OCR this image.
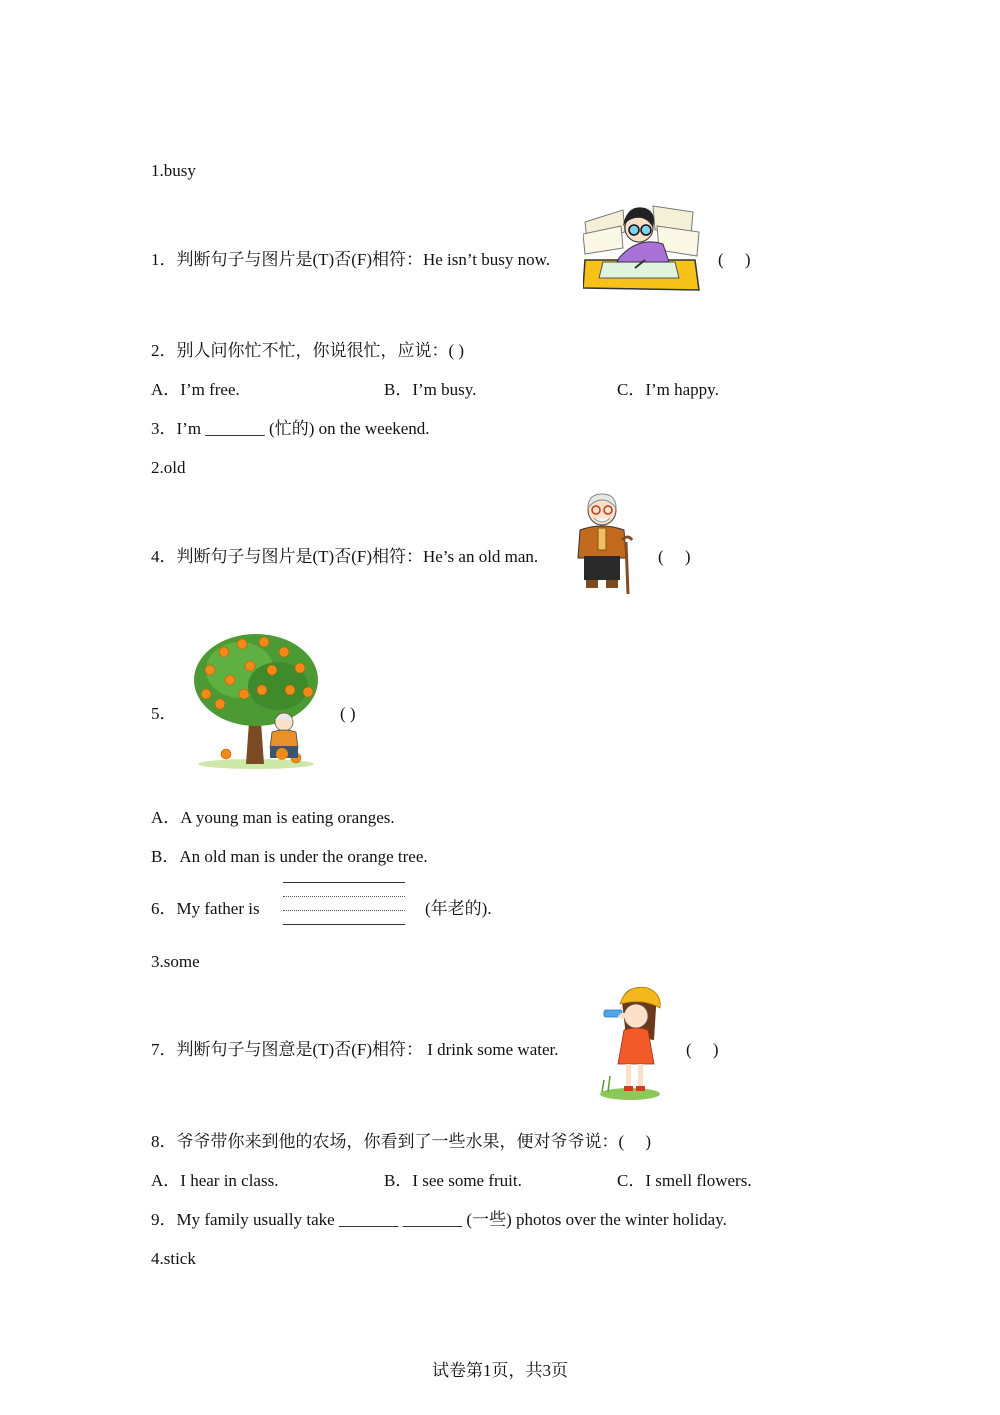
1.busy
1．判断句子与图片是(T)否(F)相符：He isn’t busy now.	(　 )
2．别人问你忙不忙，你说很忙，应说：( )
A．I’m free.	B．I’m busy.	C．I’m happy.
3．I’m _______ (忙的) on the weekend.
2.old
4．判断句子与图片是(T)否(F)相符：He’s an old man.	(　 )
5．	( )
A．A young man is eating oranges.
B．An old man is under the orange tree.
6．My father is	(年老的).
3.some
7．判断句子与图意是(T)否(F)相符： I drink some water.	(　 )
8．爷爷带你来到他的农场，你看到了一些水果，便对爷爷说：(　 )
A．I hear in class.	B．I see some fruit.	C．I smell flowers.
9．My family usually take _______ _______ (一些) photos over the winter holiday.
4.stick
试卷第1页，共3页
